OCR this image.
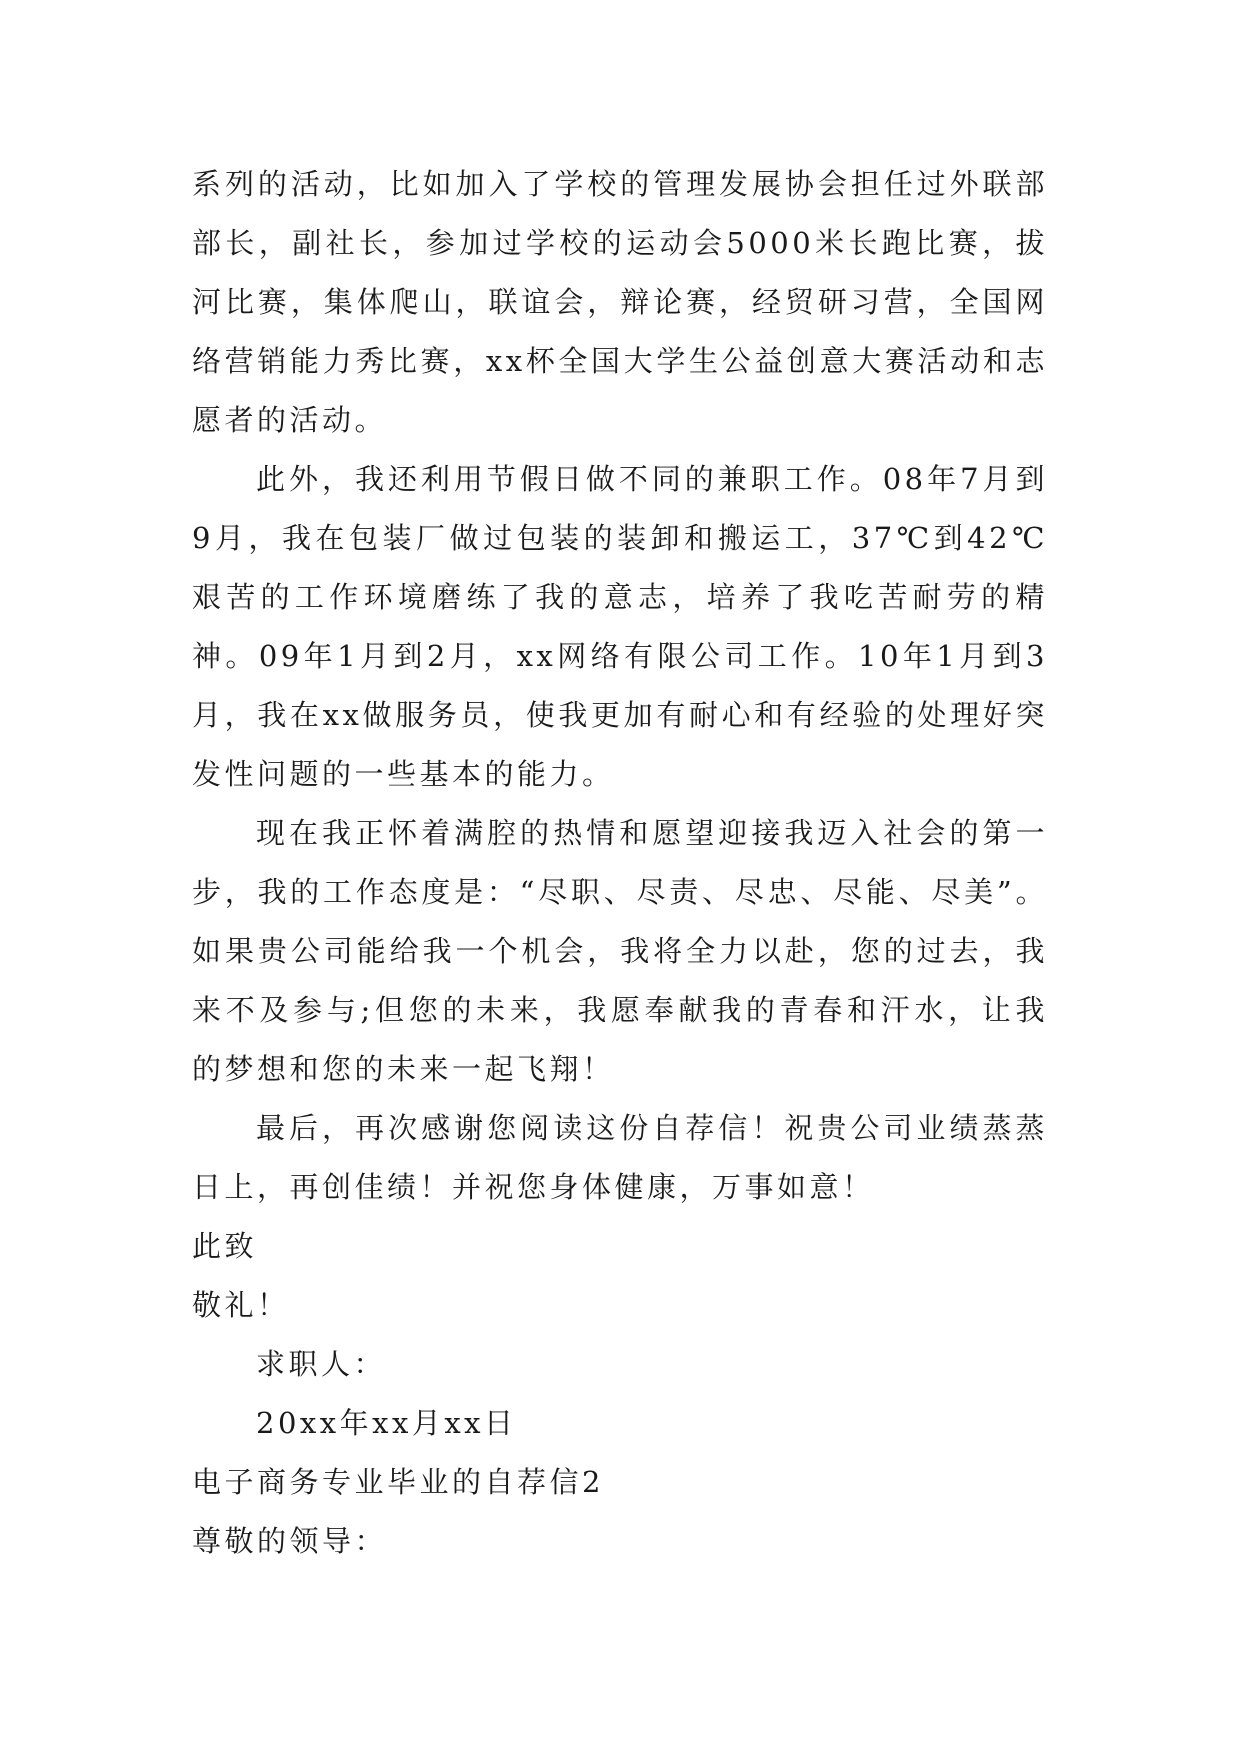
系列的活动，比如加入了学校的管理发展协会担任过外联部部长，副社长，参加过学校的运动会5000米长跑比赛，拔河比赛，集体爬山，联谊会，辩论赛，经贸研习营，全国网络营销能力秀比赛，xx杯全国大学生公益创意大赛活动和志愿者的活动。

此外，我还利用节假日做不同的兼职工作。08年7月到9月，我在包装厂做过包装的装卸和搬运工，37℃到42℃艰苦的工作环境磨练了我的意志，培养了我吃苦耐劳的精神。09年1月到2月，xx网络有限公司工作。10年1月到3月，我在xx做服务员，使我更加有耐心和有经验的处理好突发性问题的一些基本的能力。

现在我正怀着满腔的热情和愿望迎接我迈入社会的第一步，我的工作态度是：“尽职、尽责、尽忠、尽能、尽美”。如果贵公司能给我一个机会，我将全力以赴，您的过去，我来不及参与;但您的未来，我愿奉献我的青春和汗水，让我的梦想和您的未来一起飞翔！

最后，再次感谢您阅读这份自荐信！祝贵公司业绩蒸蒸日上，再创佳绩！并祝您身体健康，万事如意！

此致

敬礼！

求职人：

20xx年xx月xx日

电子商务专业毕业的自荐信2

尊敬的领导：
